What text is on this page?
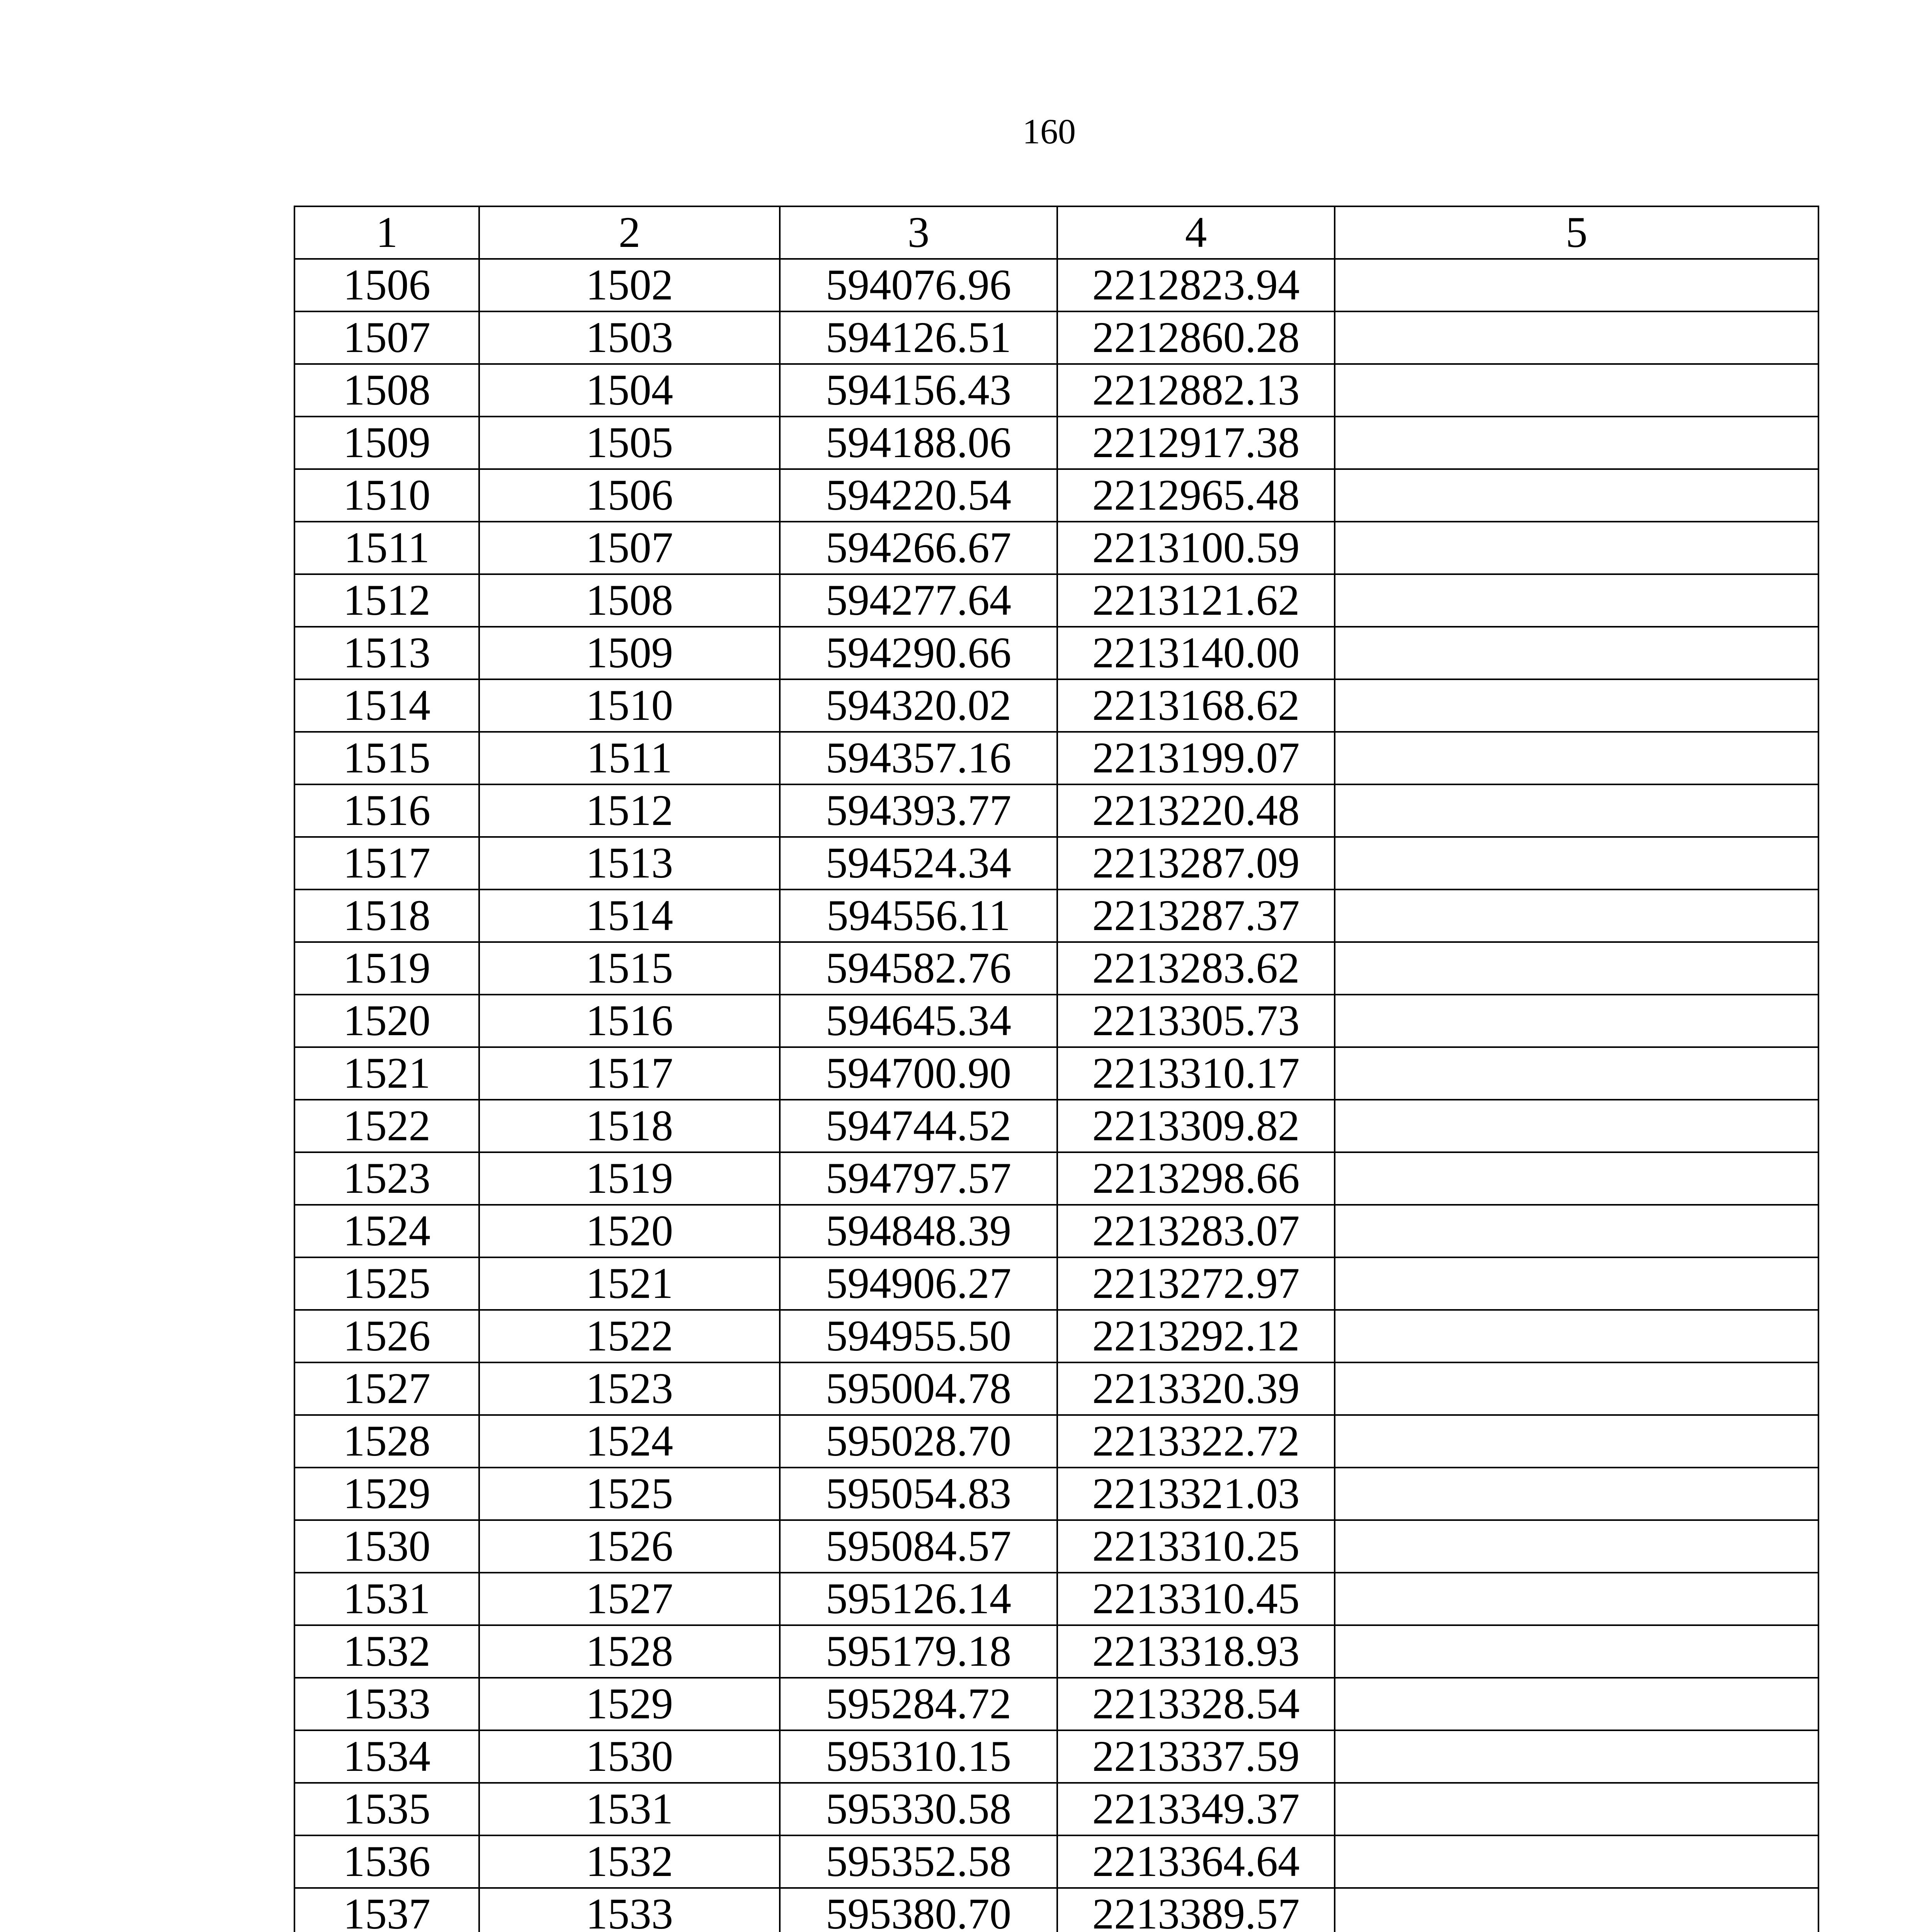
160
1	2	3	4	5
1506	1502	594076.96	2212823.94	
1507	1503	594126.51	2212860.28	
1508	1504	594156.43	2212882.13	
1509	1505	594188.06	2212917.38	
1510	1506	594220.54	2212965.48	
1511	1507	594266.67	2213100.59	
1512	1508	594277.64	2213121.62	
1513	1509	594290.66	2213140.00	
1514	1510	594320.02	2213168.62	
1515	1511	594357.16	2213199.07	
1516	1512	594393.77	2213220.48	
1517	1513	594524.34	2213287.09	
1518	1514	594556.11	2213287.37	
1519	1515	594582.76	2213283.62	
1520	1516	594645.34	2213305.73	
1521	1517	594700.90	2213310.17	
1522	1518	594744.52	2213309.82	
1523	1519	594797.57	2213298.66	
1524	1520	594848.39	2213283.07	
1525	1521	594906.27	2213272.97	
1526	1522	594955.50	2213292.12	
1527	1523	595004.78	2213320.39	
1528	1524	595028.70	2213322.72	
1529	1525	595054.83	2213321.03	
1530	1526	595084.57	2213310.25	
1531	1527	595126.14	2213310.45	
1532	1528	595179.18	2213318.93	
1533	1529	595284.72	2213328.54	
1534	1530	595310.15	2213337.59	
1535	1531	595330.58	2213349.37	
1536	1532	595352.58	2213364.64	
1537	1533	595380.70	2213389.57	
